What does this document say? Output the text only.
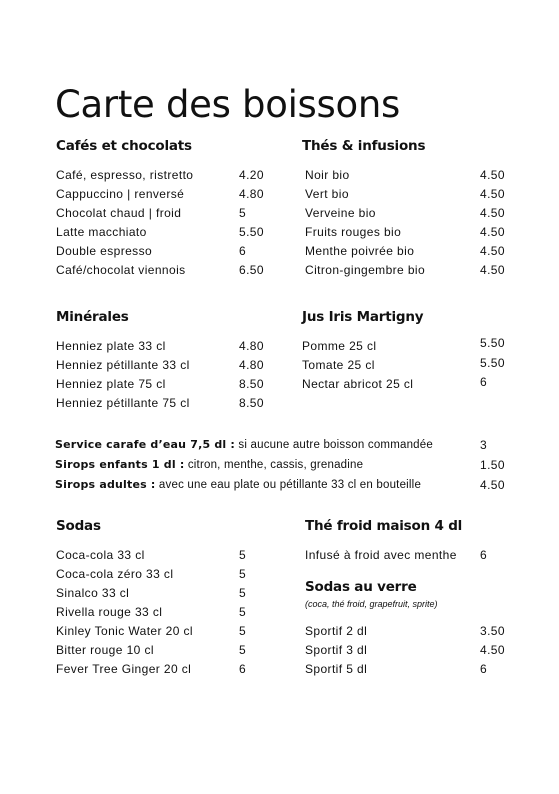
Carte des boissons
Cafés et chocolats
Café, espresso, ristretto	4.20
Cappuccino | renversé	4.80
Chocolat chaud | froid	5
Latte macchiato	5.50
Double espresso	6
Café/chocolat viennois	6.50
Thés & infusions
Noir bio	4.50
Vert bio	4.50
Verveine bio	4.50
Fruits rouges bio	4.50
Menthe poivrée bio	4.50
Citron-gingembre bio	4.50
Minérales
Henniez plate 33 cl	4.80
Henniez pétillante 33 cl	4.80
Henniez plate 75 cl	8.50
Henniez pétillante 75 cl	8.50
Jus Iris Martigny
Pomme 25 cl	5.50
Tomate 25 cl	5.50
Nectar abricot 25 cl	6
Service carafe d’eau 7,5 dl : si aucune autre boisson commandée	3
Sirops enfants 1 dl : citron, menthe, cassis, grenadine	1.50
Sirops adultes : avec une eau plate ou pétillante 33 cl en bouteille	4.50
Sodas
Coca-cola 33 cl	5
Coca-cola zéro 33 cl	5
Sinalco 33 cl	5
Rivella rouge 33 cl	5
Kinley Tonic Water 20 cl	5
Bitter rouge 10 cl	5
Fever Tree Ginger 20 cl	6
Thé froid maison 4 dl
Infusé à froid avec menthe 6
Sodas au verre
(coca, thé froid, grapefruit, sprite)
Sportif 2 dl	3.50
Sportif 3 dl	4.50
Sportif 5 dl	6
